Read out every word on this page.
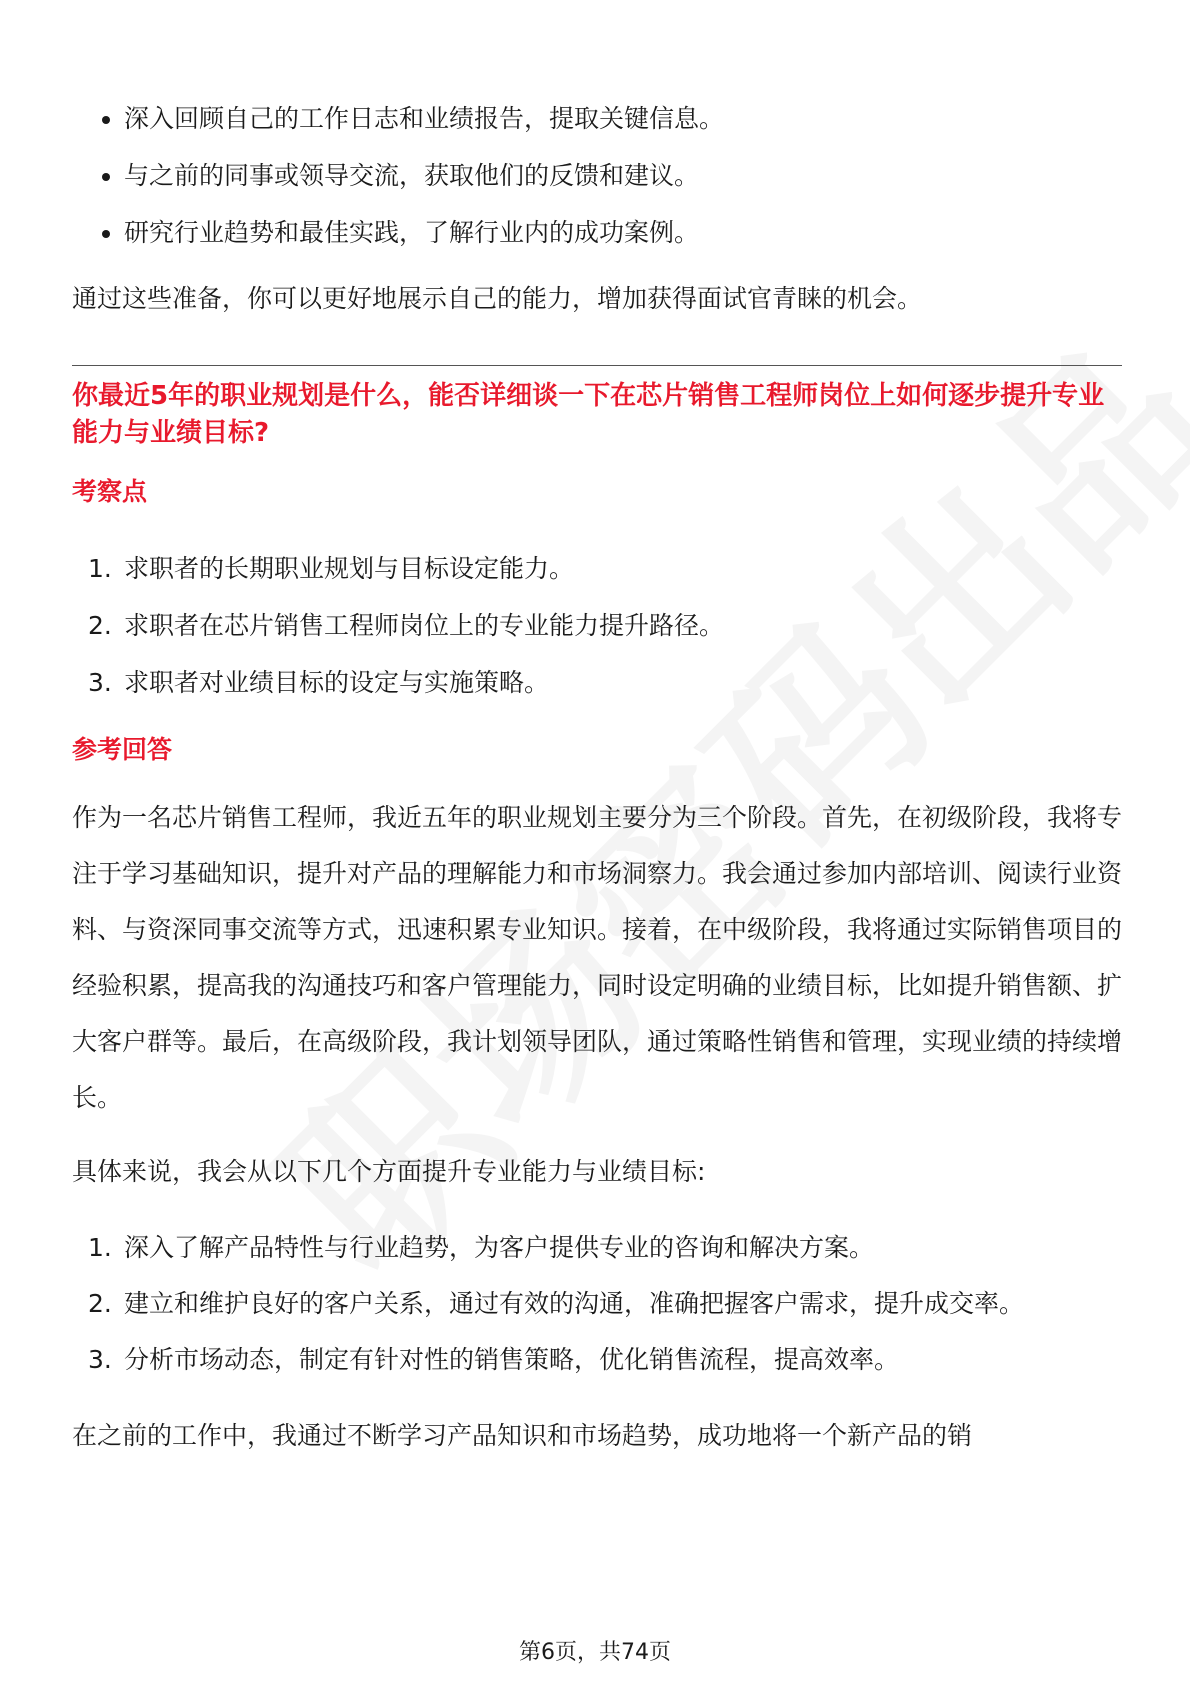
深入回顾自己的工作日志和业绩报告，提取关键信息。
与之前的同事或领导交流，获取他们的反馈和建议。
研究行业趋势和最佳实践，了解行业内的成功案例。

通过这些准备，你可以更好地展示自己的能力，增加获得面试官青睐的机会。

你最近5年的职业规划是什么，能否详细谈一下在芯片销售工程师岗位上如何逐步提升专业能力与业绩目标?

考察点

1. 求职者的长期职业规划与目标设定能力。
2. 求职者在芯片销售工程师岗位上的专业能力提升路径。
3. 求职者对业绩目标的设定与实施策略。

参考回答

作为一名芯片销售工程师，我近五年的职业规划主要分为三个阶段。首先，在初级阶段，我将专注于学习基础知识，提升对产品的理解能力和市场洞察力。我会通过参加内部培训、阅读行业资料、与资深同事交流等方式，迅速积累专业知识。接着，在中级阶段，我将通过实际销售项目的经验积累，提高我的沟通技巧和客户管理能力，同时设定明确的业绩目标，比如提升销售额、扩大客户群等。最后，在高级阶段，我计划领导团队，通过策略性销售和管理，实现业绩的持续增长。

具体来说，我会从以下几个方面提升专业能力与业绩目标:

1. 深入了解产品特性与行业趋势，为客户提供专业的咨询和解决方案。
2. 建立和维护良好的客户关系，通过有效的沟通，准确把握客户需求，提升成交率。
3. 分析市场动态，制定有针对性的销售策略，优化销售流程，提高效率。

在之前的工作中，我通过不断学习产品知识和市场趋势，成功地将一个新产品的销

第6页，共74页
